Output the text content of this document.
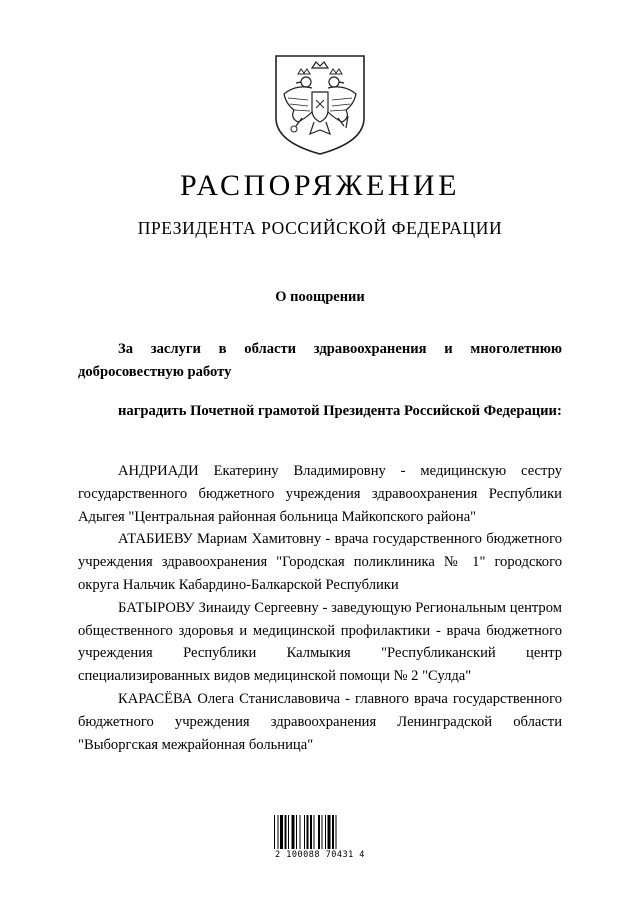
РАСПОРЯЖЕНИЕ
ПРЕЗИДЕНТА РОССИЙСКОЙ ФЕДЕРАЦИИ
О поощрении

За заслуги в области здравоохранения и многолетнюю добросовестную работу

наградить Почетной грамотой Президента Российской Федерации:

АНДРИАДИ Екатерину Владимировну - медицинскую сестру государственного бюджетного учреждения здравоохранения Республики Адыгея "Центральная районная больница Майкопского района"
АТАБИЕВУ Мариам Хамитовну - врача государственного бюджетного учреждения здравоохранения "Городская поликлиника № 1" городского округа Нальчик Кабардино-Балкарской Республики
БАТЫРОВУ Зинаиду Сергеевну - заведующую Региональным центром общественного здоровья и медицинской профилактики - врача бюджетного учреждения Республики Калмыкия "Республиканский центр специализированных видов медицинской помощи № 2 "Сулда"
КАРАСЁВА Олега Станиславовича - главного врача государственного бюджетного учреждения здравоохранения Ленинградской области "Выборгская межрайонная больница"
2 100088 70431 4
